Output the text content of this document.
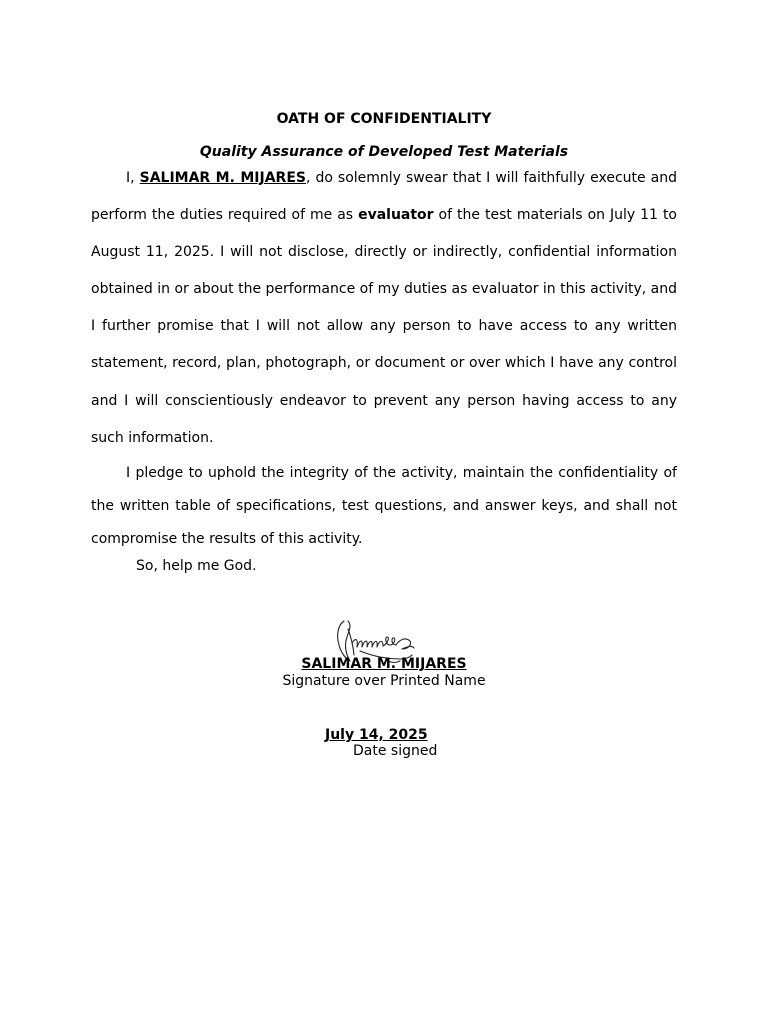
OATH OF CONFIDENTIALITY
Quality Assurance of Developed Test Materials

I, SALIMAR M. MIJARES, do solemnly swear that I will faithfully execute and perform the duties required of me as evaluator of the test materials on July 11 to August 11, 2025. I will not disclose, directly or indirectly, confidential information obtained in or about the performance of my duties as evaluator in this activity, and I further promise that I will not allow any person to have access to any written statement, record, plan, photograph, or document or over which I have any control and I will conscientiously endeavor to prevent any person having access to any such information.

I pledge to uphold the integrity of the activity, maintain the confidentiality of the written table of specifications, test questions, and answer keys, and shall not compromise the results of this activity.

So, help me God.
SALIMAR M. MIJARES
Signature over Printed Name
July 14, 2025
Date signed
